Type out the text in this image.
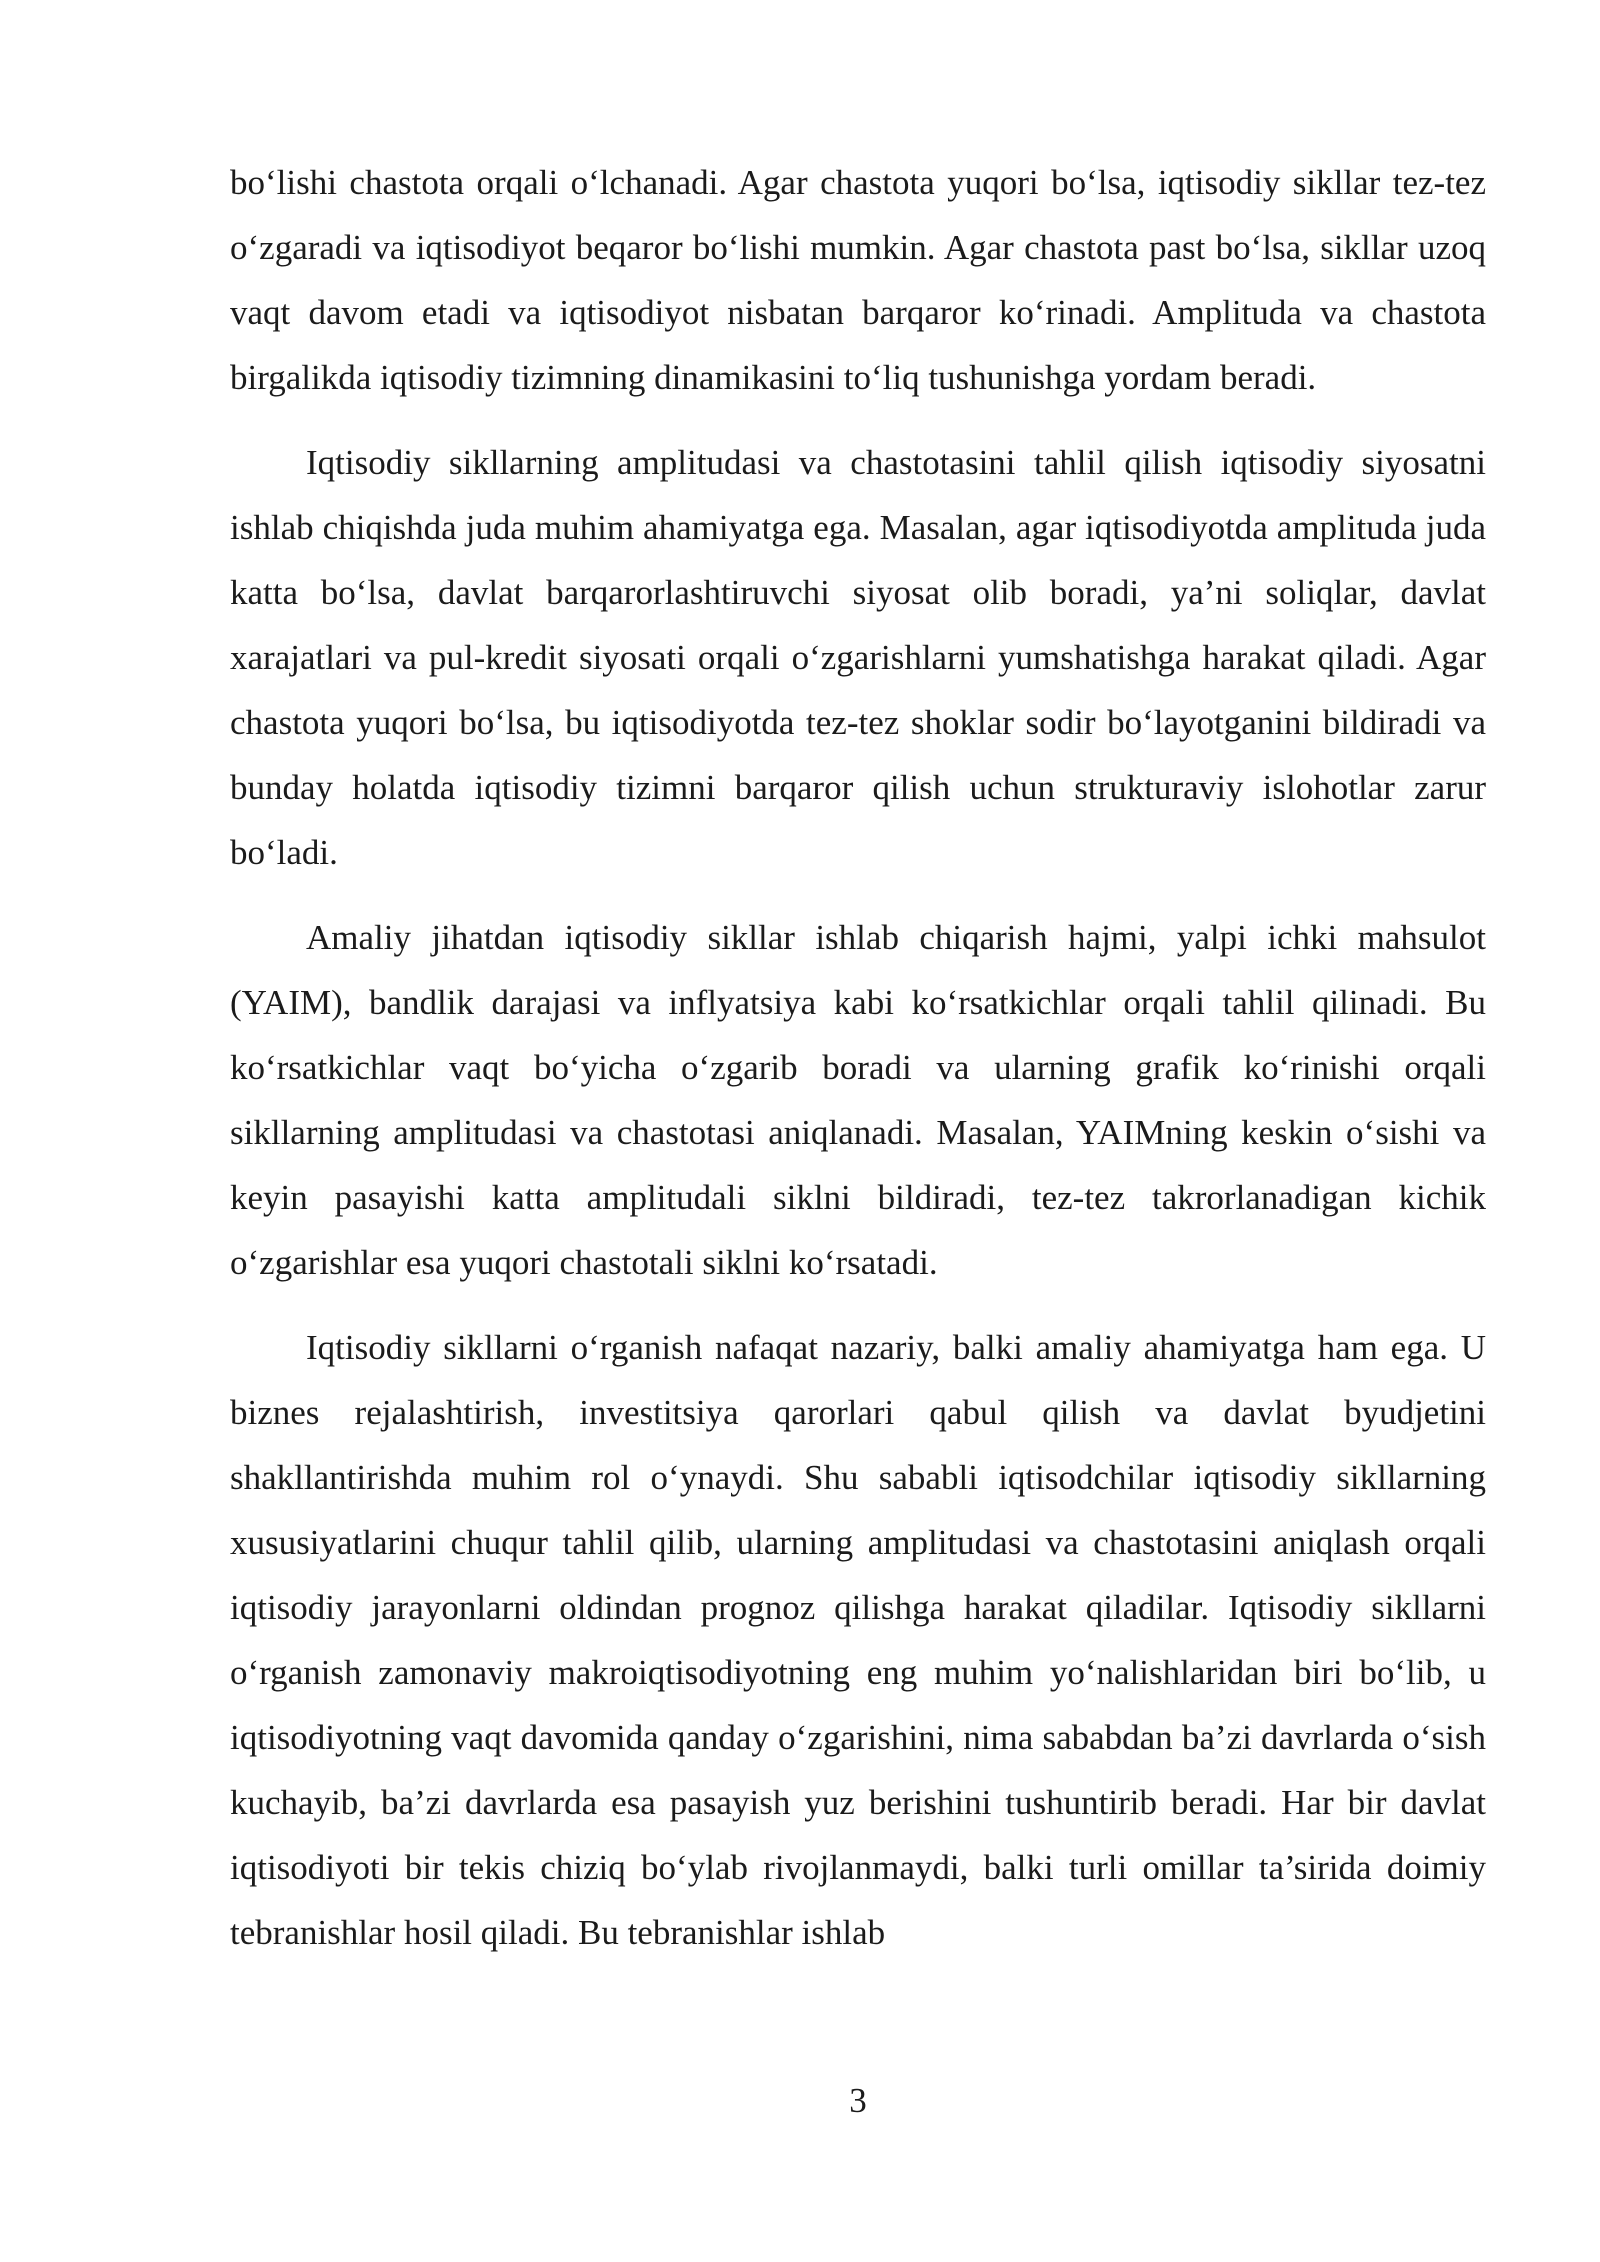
bo‘lishi chastota orqali o‘lchanadi. Agar chastota yuqori bo‘lsa, iqtisodiy sikllar tez-tez o‘zgaradi va iqtisodiyot beqaror bo‘lishi mumkin. Agar chastota past bo‘lsa, sikllar uzoq vaqt davom etadi va iqtisodiyot nisbatan barqaror ko‘rinadi. Amplituda va chastota birgalikda iqtisodiy tizimning dinamikasini to‘liq tushunishga yordam beradi.

Iqtisodiy sikllarning amplitudasi va chastotasini tahlil qilish iqtisodiy siyosatni ishlab chiqishda juda muhim ahamiyatga ega. Masalan, agar iqtisodiyotda amplituda juda katta bo‘lsa, davlat barqarorlashtiruvchi siyosat olib boradi, ya’ni soliqlar, davlat xarajatlari va pul-kredit siyosati orqali o‘zgarishlarni yumshatishga harakat qiladi. Agar chastota yuqori bo‘lsa, bu iqtisodiyotda tez-tez shoklar sodir bo‘layotganini bildiradi va bunday holatda iqtisodiy tizimni barqaror qilish uchun strukturaviy islohotlar zarur bo‘ladi.

Amaliy jihatdan iqtisodiy sikllar ishlab chiqarish hajmi, yalpi ichki mahsulot (YAIM), bandlik darajasi va inflyatsiya kabi ko‘rsatkichlar orqali tahlil qilinadi. Bu ko‘rsatkichlar vaqt bo‘yicha o‘zgarib boradi va ularning grafik ko‘rinishi orqali sikllarning amplitudasi va chastotasi aniqlanadi. Masalan, YAIMning keskin o‘sishi va keyin pasayishi katta amplitudali siklni bildiradi, tez-tez takrorlanadigan kichik o‘zgarishlar esa yuqori chastotali siklni ko‘rsatadi.

Iqtisodiy sikllarni o‘rganish nafaqat nazariy, balki amaliy ahamiyatga ham ega. U biznes rejalashtirish, investitsiya qarorlari qabul qilish va davlat byudjetini shakllantirishda muhim rol o‘ynaydi. Shu sababli iqtisodchilar iqtisodiy sikllarning xususiyatlarini chuqur tahlil qilib, ularning amplitudasi va chastotasini aniqlash orqali iqtisodiy jarayonlarni oldindan prognoz qilishga harakat qiladilar. Iqtisodiy sikllarni o‘rganish zamonaviy makroiqtisodiyotning eng muhim yo‘nalishlaridan biri bo‘lib, u iqtisodiyotning vaqt davomida qanday o‘zgarishini, nima sababdan ba’zi davrlarda o‘sish kuchayib, ba’zi davrlarda esa pasayish yuz berishini tushuntirib beradi. Har bir davlat iqtisodiyoti bir tekis chiziq bo‘ylab rivojlanmaydi, balki turli omillar ta’sirida doimiy tebranishlar hosil qiladi. Bu tebranishlar ishlab

3
